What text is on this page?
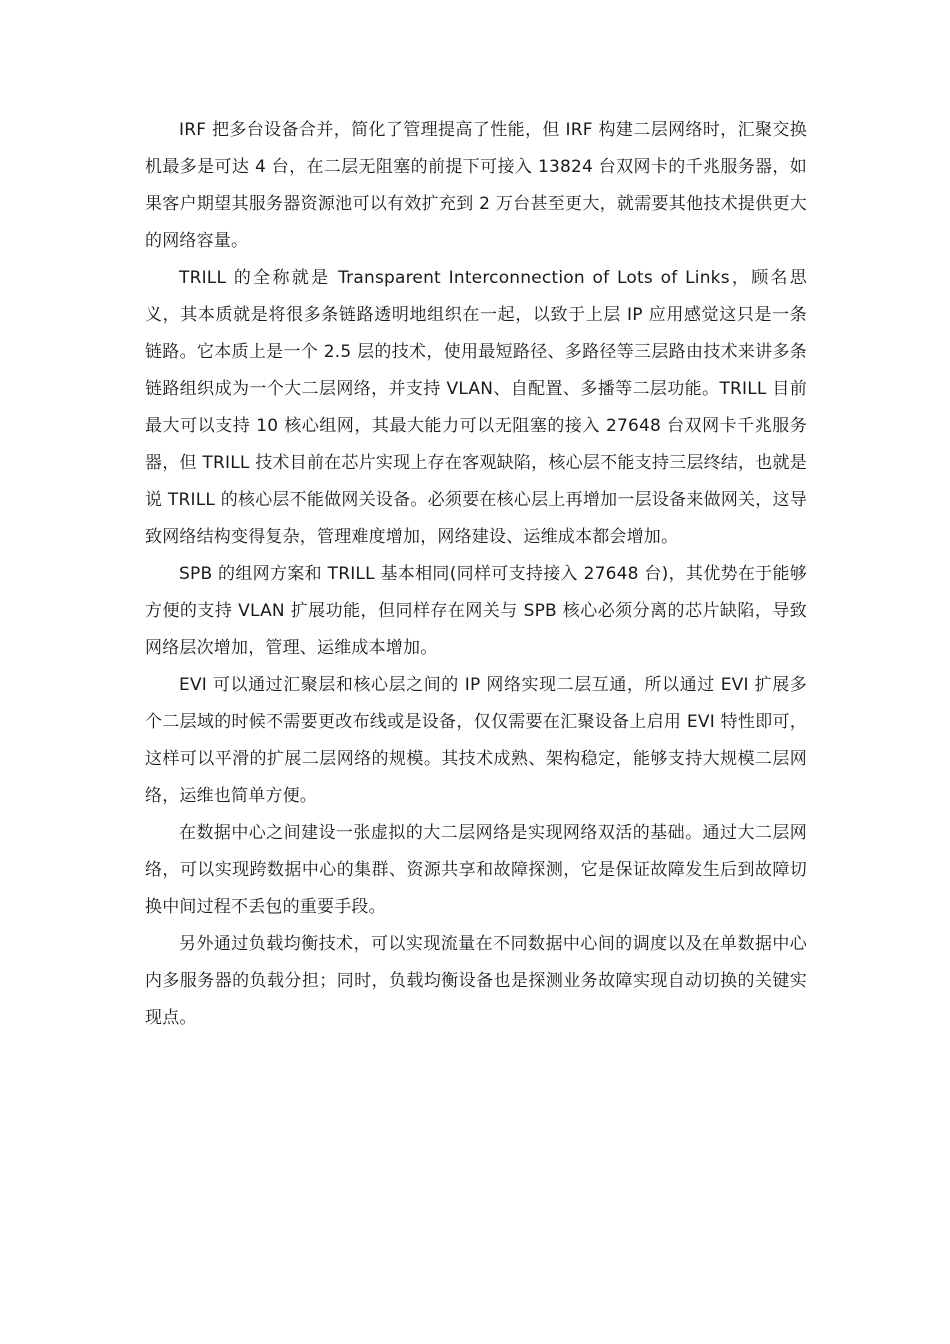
IRF 把多台设备合并，简化了管理提高了性能，但 IRF 构建二层网络时，汇聚交换机最多是可达 4 台，在二层无阻塞的前提下可接入 13824 台双网卡的千兆服务器，如果客户期望其服务器资源池可以有效扩充到 2 万台甚至更大，就需要其他技术提供更大的网络容量。

TRILL 的全称就是 Transparent Interconnection of Lots of Links，顾名思义，其本质就是将很多条链路透明地组织在一起，以致于上层 IP 应用感觉这只是一条链路。它本质上是一个 2.5 层的技术，使用最短路径、多路径等三层路由技术来讲多条链路组织成为一个大二层网络，并支持 VLAN、自配置、多播等二层功能。TRILL 目前最大可以支持 10 核心组网，其最大能力可以无阻塞的接入 27648 台双网卡千兆服务器，但 TRILL 技术目前在芯片实现上存在客观缺陷，核心层不能支持三层终结，也就是说 TRILL 的核心层不能做网关设备。必须要在核心层上再增加一层设备来做网关，这导致网络结构变得复杂，管理难度增加，网络建设、运维成本都会增加。

SPB 的组网方案和 TRILL 基本相同(同样可支持接入 27648 台)，其优势在于能够方便的支持 VLAN 扩展功能，但同样存在网关与 SPB 核心必须分离的芯片缺陷，导致网络层次增加，管理、运维成本增加。

EVI 可以通过汇聚层和核心层之间的 IP 网络实现二层互通，所以通过 EVI 扩展多个二层域的时候不需要更改布线或是设备，仅仅需要在汇聚设备上启用 EVI 特性即可，这样可以平滑的扩展二层网络的规模。其技术成熟、架构稳定，能够支持大规模二层网络，运维也简单方便。

在数据中心之间建设一张虚拟的大二层网络是实现网络双活的基础。通过大二层网络，可以实现跨数据中心的集群、资源共享和故障探测，它是保证故障发生后到故障切换中间过程不丢包的重要手段。

另外通过负载均衡技术，可以实现流量在不同数据中心间的调度以及在单数据中心内多服务器的负载分担；同时，负载均衡设备也是探测业务故障实现自动切换的关键实现点。
